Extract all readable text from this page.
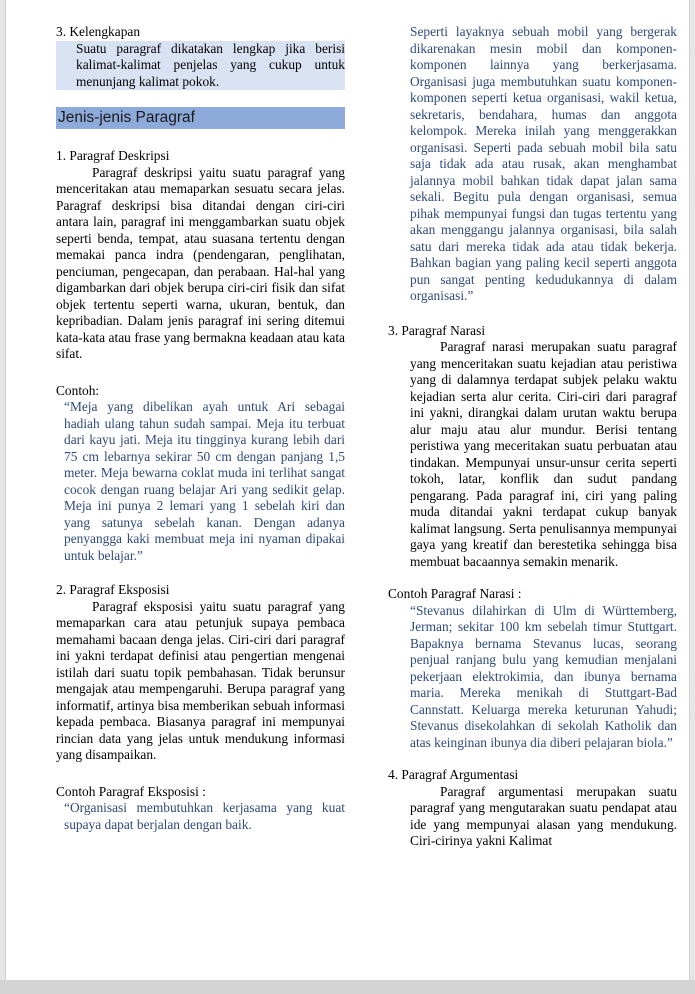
3. Kelengkapan

Suatu paragraf dikatakan lengkap jika berisi kalimat-kalimat penjelas yang cukup untuk menunjang kalimat pokok.

Jenis-jenis Paragraf

1. Paragraf Deskripsi

Paragraf deskripsi yaitu suatu paragraf yang menceritakan atau memaparkan sesuatu secara jelas. Paragraf deskripsi bisa ditandai dengan ciri-ciri antara lain, paragraf ini menggambarkan suatu objek seperti benda, tempat, atau suasana tertentu dengan memakai panca indra (pendengaran, penglihatan, penciuman, pengecapan, dan perabaan. Hal-hal yang digambarkan dari objek berupa ciri-ciri fisik dan sifat objek tertentu seperti warna, ukuran, bentuk, dan kepribadian. Dalam jenis paragraf ini sering ditemui kata-kata atau frase yang bermakna keadaan atau kata sifat.

Contoh:

“Meja yang dibelikan ayah untuk Ari sebagai hadiah ulang tahun sudah sampai. Meja itu terbuat dari kayu jati. Meja itu tingginya kurang lebih dari 75 cm lebarnya sekirar 50 cm dengan panjang 1,5 meter. Meja bewarna coklat muda ini terlihat sangat cocok dengan ruang belajar Ari yang sedikit gelap. Meja ini punya 2 lemari yang 1 sebelah kiri dan yang satunya sebelah kanan. Dengan adanya penyangga kaki membuat meja ini nyaman dipakai untuk belajar.”

2. Paragraf Eksposisi

Paragraf eksposisi yaitu suatu paragraf yang memaparkan cara atau petunjuk supaya pembaca memahami bacaan denga jelas. Ciri-ciri dari paragraf ini yakni terdapat definisi atau pengertian mengenai istilah dari suatu topik pembahasan. Tidak berunsur mengajak atau mempengaruhi. Berupa paragraf yang informatif, artinya bisa memberikan sebuah informasi kepada pembaca. Biasanya paragraf ini mempunyai rincian data yang jelas untuk mendukung informasi yang disampaikan.

Contoh Paragraf Eksposisi :

“Organisasi membutuhkan kerjasama yang kuat supaya dapat berjalan dengan baik.

Seperti layaknya sebuah mobil yang bergerak dikarenakan mesin mobil dan komponen-komponen lainnya yang berkerjasama. Organisasi juga membutuhkan suatu komponen-komponen seperti ketua organisasi, wakil ketua, sekretaris, bendahara, humas dan anggota kelompok. Mereka inilah yang menggerakkan organisasi. Seperti pada sebuah mobil bila satu saja tidak ada atau rusak, akan menghambat jalannya mobil bahkan tidak dapat jalan sama sekali. Begitu pula dengan organisasi, semua pihak mempunyai fungsi dan tugas tertentu yang akan menggangu jalannya organisasi, bila salah satu dari mereka tidak ada atau tidak bekerja. Bahkan bagian yang paling kecil seperti anggota pun sangat penting kedudukannya di dalam organisasi.”

3. Paragraf Narasi

Paragraf narasi merupakan suatu paragraf yang menceritakan suatu kejadian atau peristiwa yang di dalamnya terdapat subjek pelaku waktu kejadian serta alur cerita. Ciri-ciri dari paragraf ini yakni, dirangkai dalam urutan waktu berupa alur maju atau alur mundur. Berisi tentang peristiwa yang meceritakan suatu perbuatan atau tindakan. Mempunyai unsur-unsur cerita seperti tokoh, latar, konflik dan sudut pandang pengarang. Pada paragraf ini, ciri yang paling muda ditandai yakni terdapat cukup banyak kalimat langsung. Serta penulisannya mempunyai gaya yang kreatif dan berestetika sehingga bisa membuat bacaannya semakin menarik.

Contoh Paragraf Narasi :

“Stevanus dilahirkan di Ulm di Württemberg, Jerman; sekitar 100 km sebelah timur Stuttgart. Bapaknya bernama Stevanus lucas, seorang penjual ranjang bulu yang kemudian menjalani pekerjaan elektrokimia, dan ibunya bernama maria. Mereka menikah di Stuttgart-Bad Cannstatt. Keluarga mereka keturunan Yahudi; Stevanus disekolahkan di sekolah Katholik dan atas keinginan ibunya dia diberi pelajaran biola.”

4. Paragraf Argumentasi

Paragraf argumentasi merupakan suatu paragraf yang mengutarakan suatu pendapat atau ide yang mempunyai alasan yang mendukung. Ciri-cirinya yakni Kalimat
